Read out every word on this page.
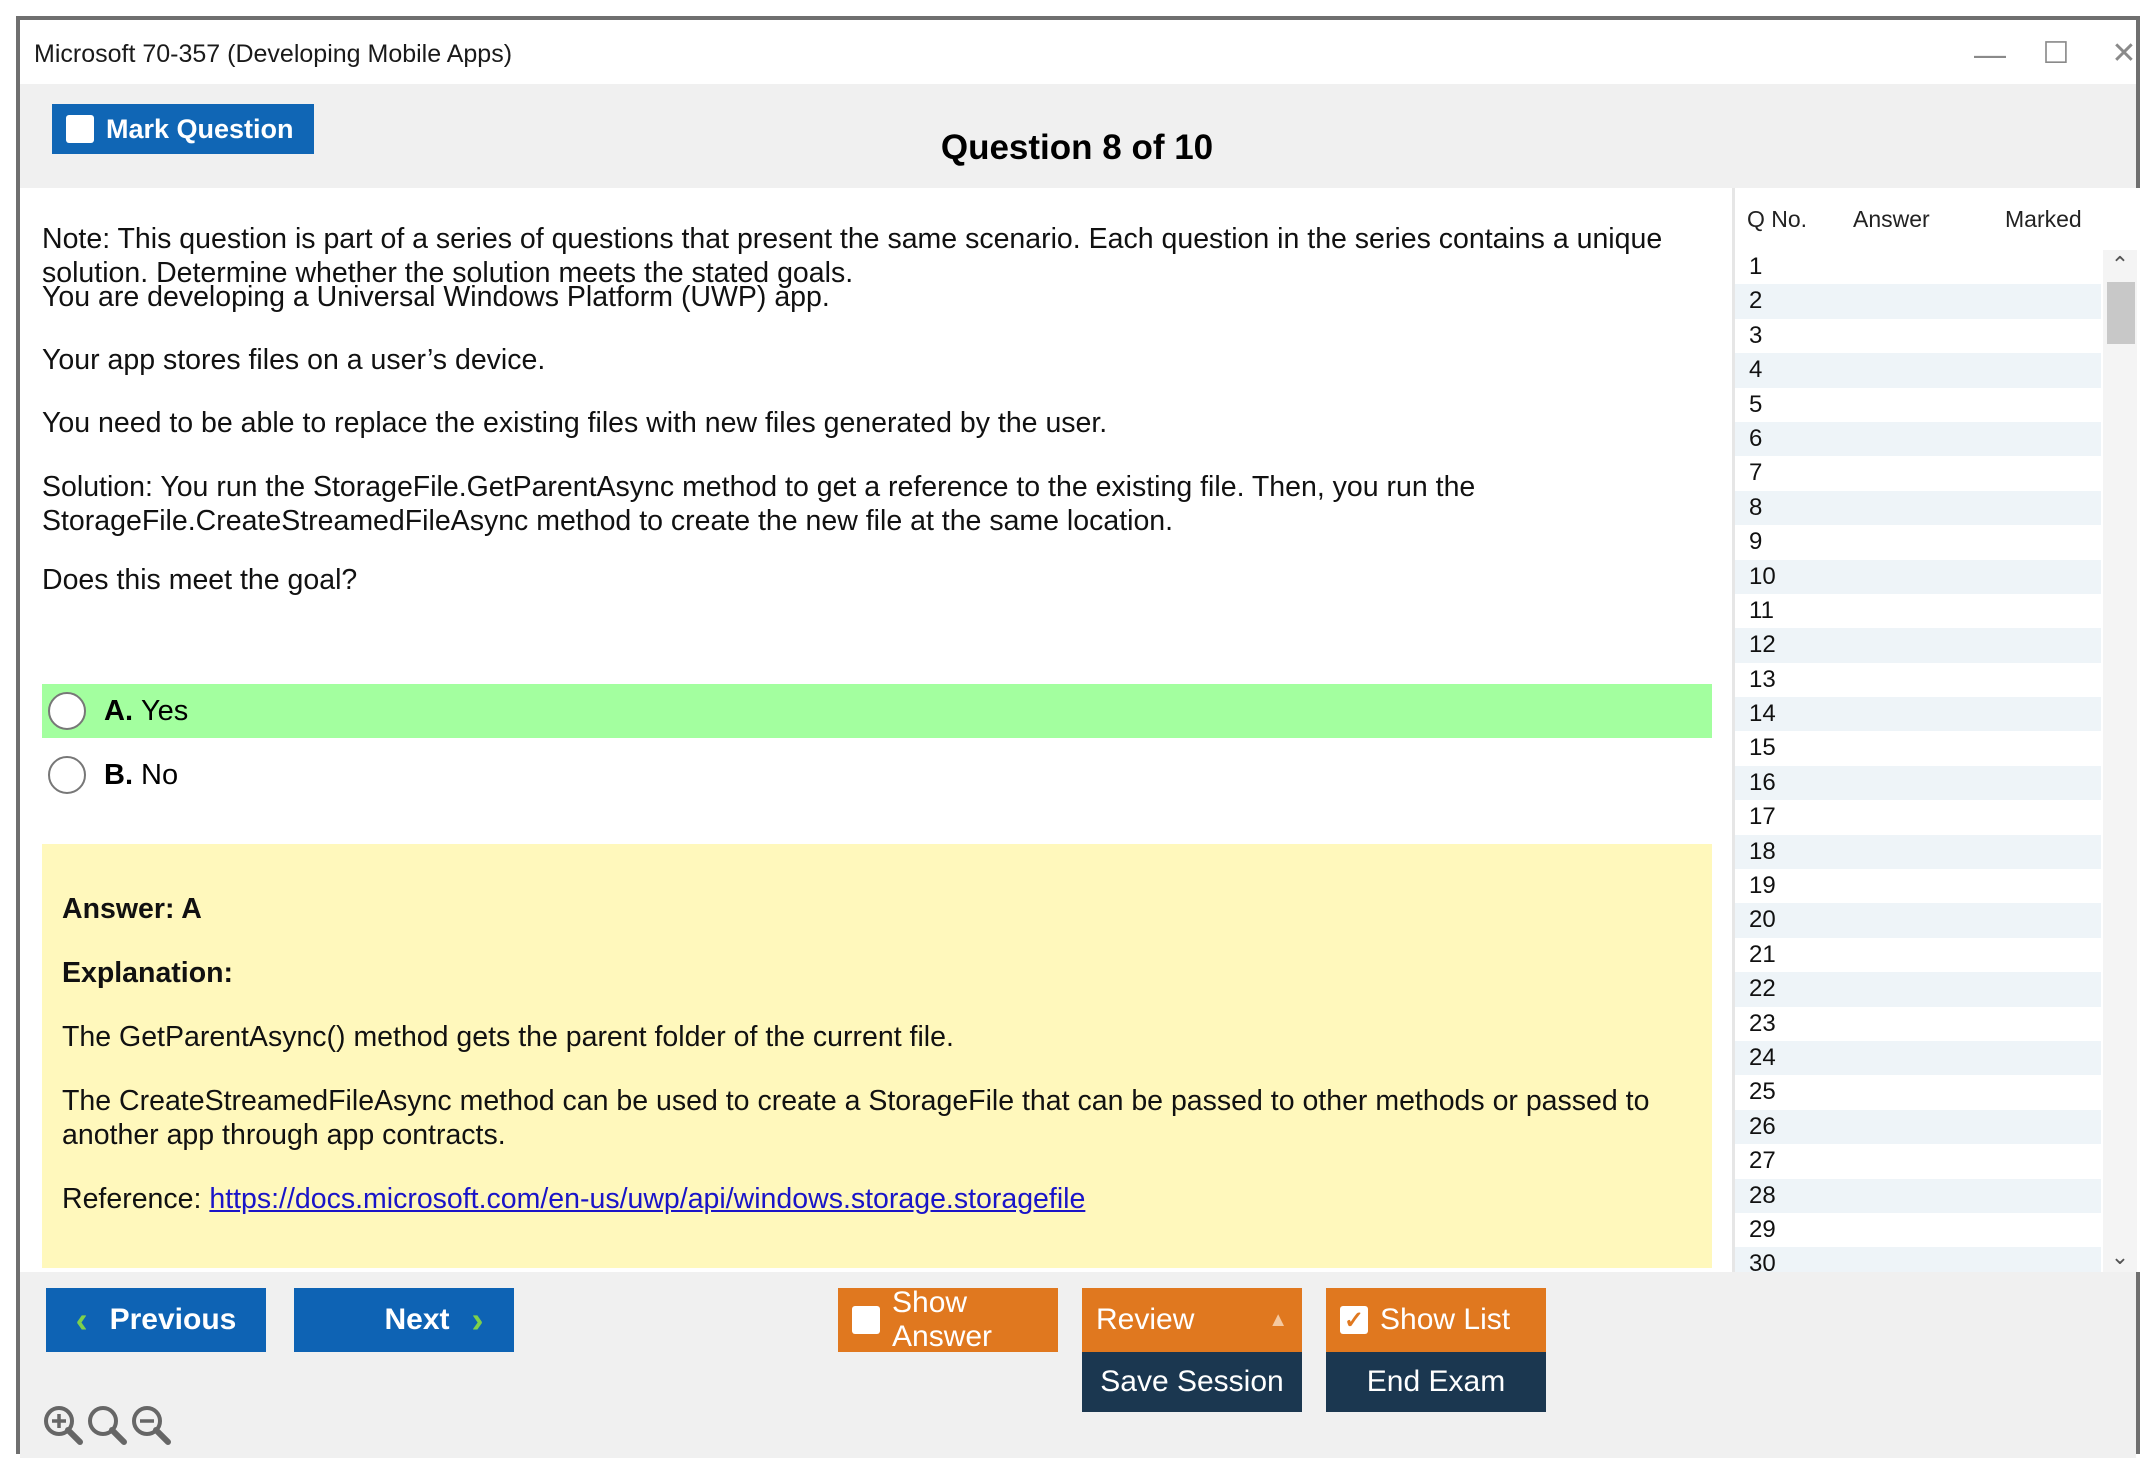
Microsoft 70-357 (Developing Mobile Apps)	—	☐	✕
Mark Question	Question 8 of 10
Note: This question is part of a series of questions that present the same scenario. Each question in the series contains a unique solution. Determine whether the solution meets the stated goals.
You are developing a Universal Windows Platform (UWP) app.
Your app stores files on a user’s device.
You need to be able to replace the existing files with new files generated by the user.
Solution: You run the StorageFile.GetParentAsync method to get a reference to the existing file. Then, you run the StorageFile.CreateStreamedFileAsync method to create the new file at the same location.
Does this meet the goal?
A. Yes
B. No
Answer: A
Explanation:
The GetParentAsync() method gets the parent folder of the current file.
The CreateStreamedFileAsync method can be used to create a StorageFile that can be passed to other methods or passed to another app through app contracts.
Reference: https://docs.microsoft.com/en-us/uwp/api/windows.storage.storagefile
Q No. Answer	Marked
1
2
3
4
5
6
7
8
9
10
11
12
13
14
15
16
17
18
19
20
21
22
23
24
25
26
27
28
29
30
⌃
⌄
‹ Previous	Next ›	Show Answer
Review	▲ ✓ Show List
Save Session	End Exam
